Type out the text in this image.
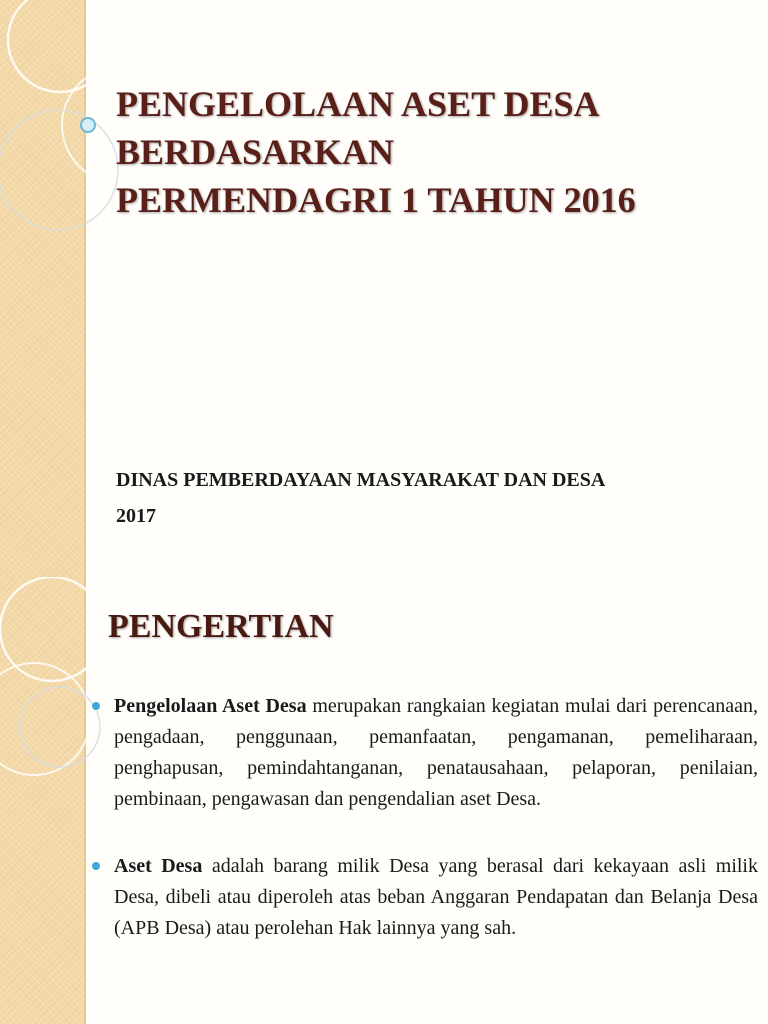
PENGELOLAAN ASET DESA
BERDASARKAN
PERMENDAGRI 1 TAHUN 2016
DINAS PEMBERDAYAAN MASYARAKAT DAN DESA
2017
PENGERTIAN
Pengelolaan Aset Desa merupakan rangkaian kegiatan mulai dari perencanaan, pengadaan, penggunaan, pemanfaatan, pengamanan, pemeliharaan, penghapusan, pemindahtanganan, penatausahaan, pelaporan, penilaian, pembinaan, pengawasan dan pengendalian aset Desa.
Aset Desa adalah barang milik Desa yang berasal dari kekayaan asli milik Desa, dibeli atau diperoleh atas beban Anggaran Pendapatan dan Belanja Desa (APB Desa) atau perolehan Hak lainnya yang sah.
